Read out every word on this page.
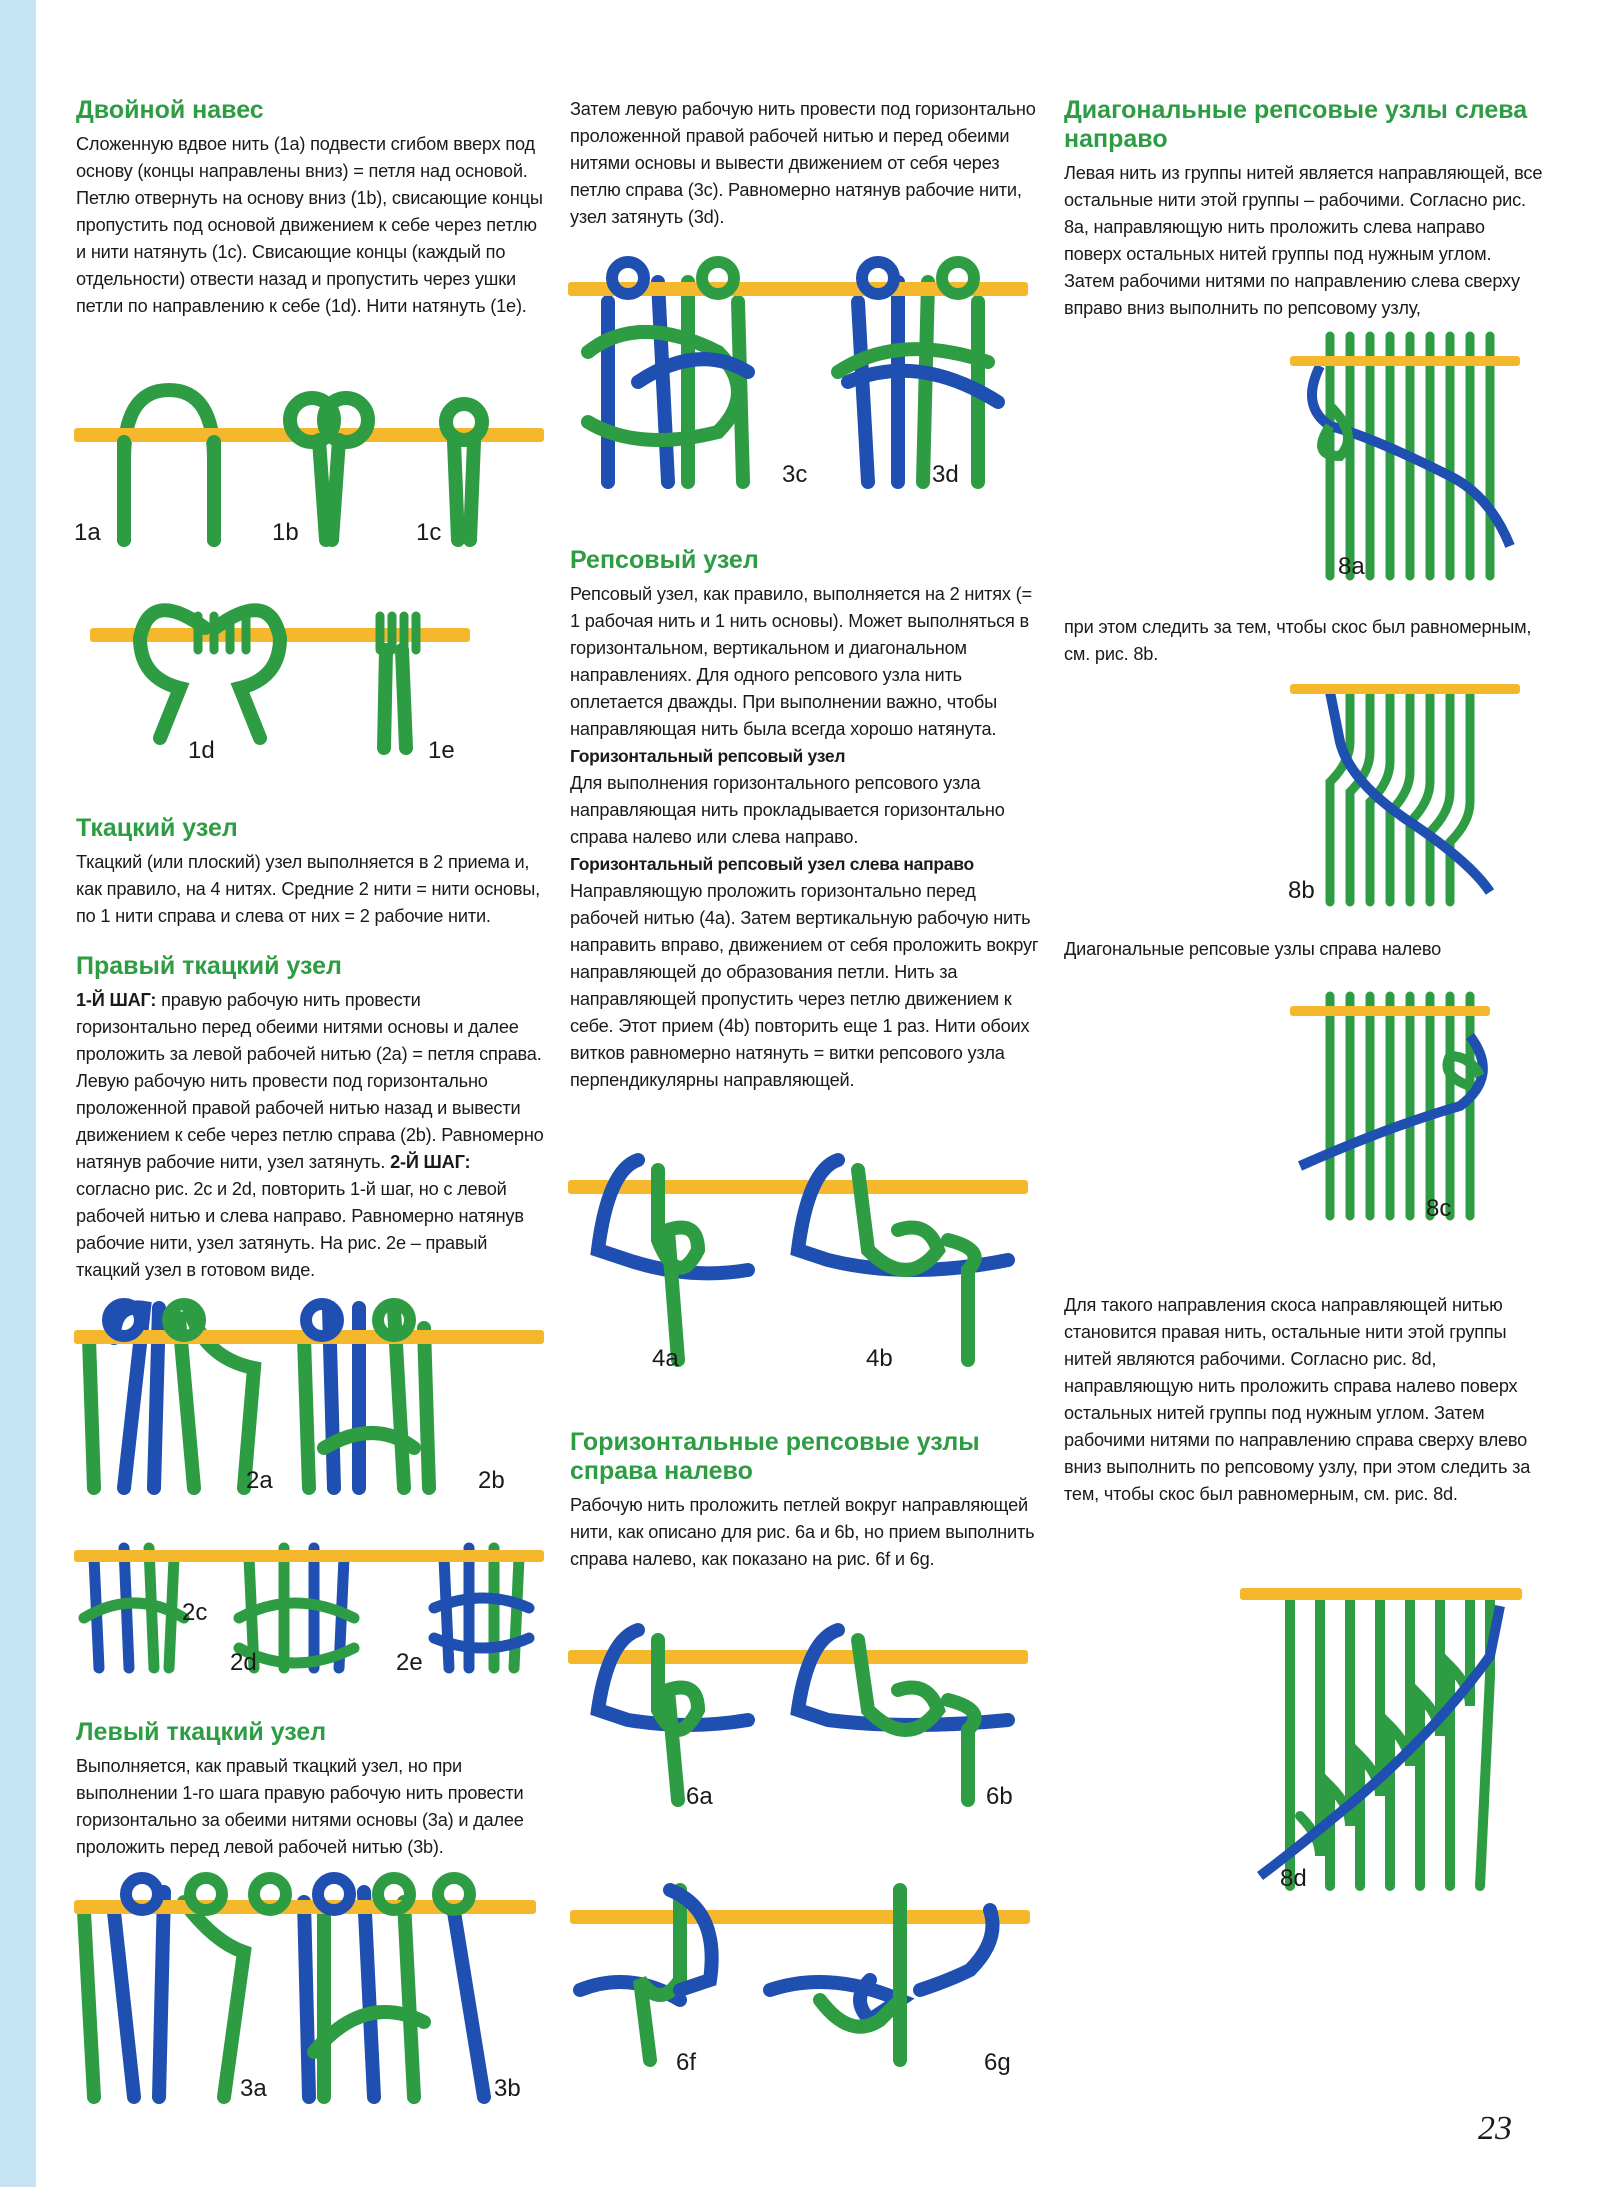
Двойной навес

Сложенную вдвое нить (1a) подвести сгибом вверх под основу (концы направлены вниз) = петля над основой. Петлю отвернуть на основу вниз (1b), свисающие концы пропустить под основой движением к себе через петлю и нити натянуть (1c). Свисающие концы (каждый по отдельности) отвести назад и пропустить через ушки петли по направлению к себе (1d). Нити натянуть (1e).

Ткацкий узел

Ткацкий (или плоский) узел выполняется в 2 приема и, как правило, на 4 нитях. Средние 2 нити = нити основы, по 1 нити справа и слева от них = 2 рабочие нити.

Правый ткацкий узел

1-Й ШАГ: правую рабочую нить провести горизонтально перед обеими нитями основы и далее проложить за левой рабочей нитью (2a) = петля справа. Левую рабочую нить провести под горизонтально проложенной правой рабочей нитью назад и вывести движением к себе через петлю справа (2b). Равномерно натянув рабочие нити, узел затянуть. 2-Й ШАГ: согласно рис. 2c и 2d, повторить 1-й шаг, но с левой рабочей нитью и слева направо. Равномерно натянув рабочие нити, узел затянуть. На рис. 2e – правый ткацкий узел в готовом виде.

Левый ткацкий узел

Выполняется, как правый ткацкий узел, но при выполнении 1-го шага правую рабочую нить провести горизонтально за обеими нитями основы (3a) и далее проложить перед левой рабочей нитью (3b).

Затем левую рабочую нить провести под горизонтально проложенной правой рабочей нитью и перед обеими нитями основы и вывести движением от себя через петлю справа (3c). Равномерно натянув рабочие нити, узел затянуть (3d).

Репсовый узел

Репсовый узел, как правило, выполняется на 2 нитях (= 1 рабочая нить и 1 нить основы). Может выполняться в горизонтальном, вертикальном и диагональном направлениях. Для одного репсового узла нить оплетается дважды. При выполнении важно, чтобы направляющая нить была всегда хорошо натянута.

Горизонтальный репсовый узел

Для выполнения горизонтального репсового узла направляющая нить прокладывается горизонтально справа налево или слева направо.

Горизонтальный репсовый узел слева направо

Направляющую проложить горизонтально перед рабочей нитью (4a). Затем вертикальную рабочую нить направить вправо, движением от себя проложить вокруг направляющей до образования петли. Нить за направляющей пропустить через петлю движением к себе. Этот прием (4b) повторить еще 1 раз. Нити обоих витков равномерно натянуть = витки репсового узла перпендикулярны направляющей.

Горизонтальные репсовые узлы справа налево

Рабочую нить проложить петлей вокруг направляющей нити, как описано для рис. 6a и 6b, но прием выполнить справа налево, как показано на рис. 6f и 6g.

Диагональные репсовые узлы слева направо

Левая нить из группы нитей является направляющей, все остальные нити этой группы – рабочими. Согласно рис. 8a, направляющую нить проложить слева направо поверх остальных нитей группы под нужным углом. Затем рабочими нитями по направлению слева сверху вправо вниз выполнить по репсовому узлу,

при этом следить за тем, чтобы скос был равномерным, см. рис. 8b.

Диагональные репсовые узлы справа налево

Для такого направления скоса направляющей нитью становится правая нить, остальные нити этой группы нитей являются рабочими. Согласно рис. 8d, направляющую нить проложить справа налево поверх остальных нитей группы под нужным углом. Затем рабочими нитями по направлению справа сверху влево вниз выполнить по репсовому узлу, при этом следить за тем, чтобы скос был равномерным, см. рис. 8d.

23
1a	1b	1c
1d	1e
2a	2b
2c
2d	2e
3a	3b
3c	3d
4a	4b
6a	6b
6f	6g
8a
8b
8c
8d
